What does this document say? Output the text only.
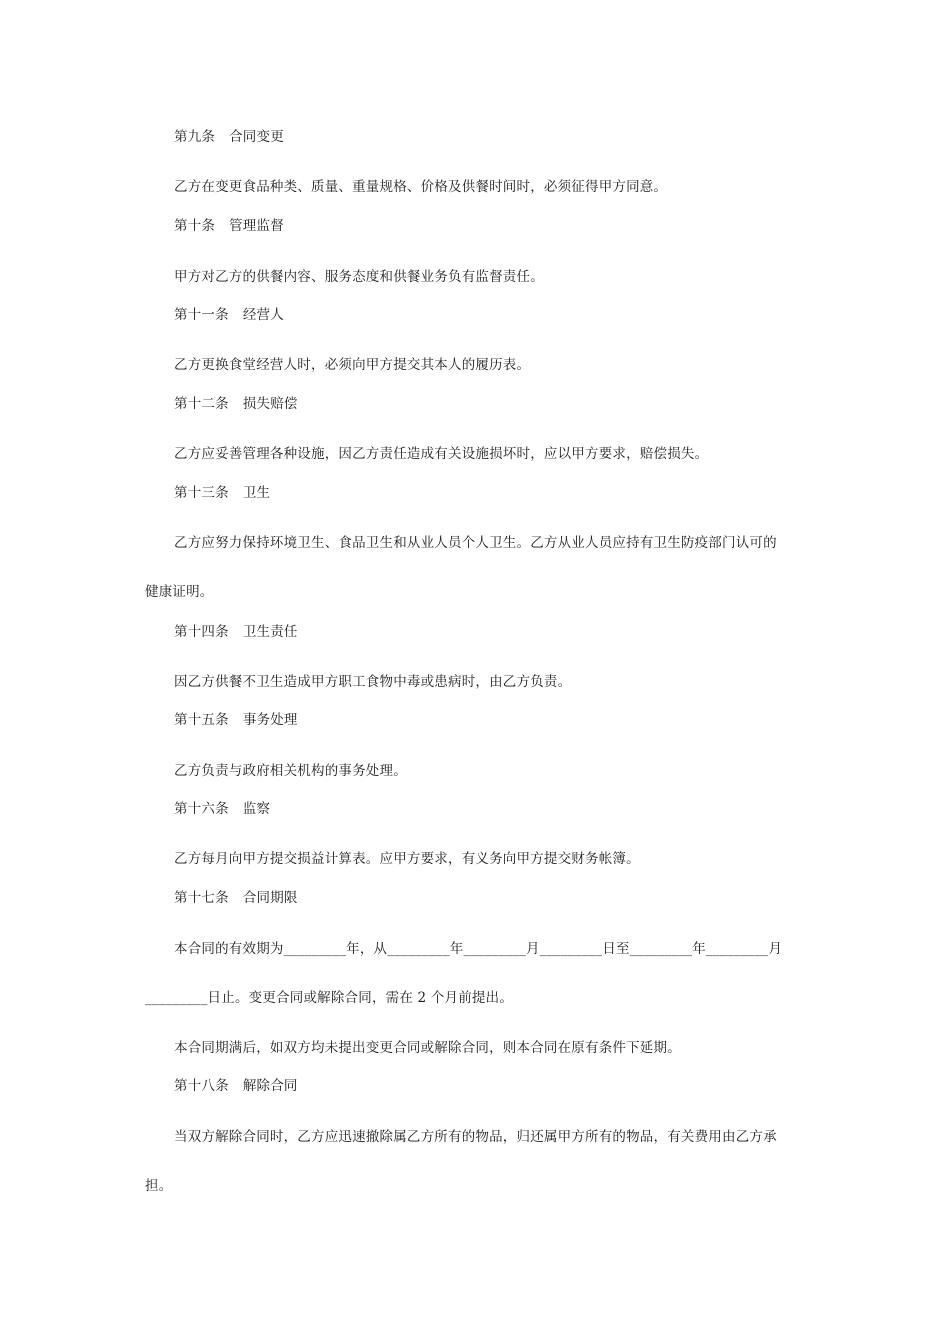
第九条 合同变更
乙方在变更食品种类、质量、重量规格、价格及供餐时间时，必须征得甲方同意。
第十条 管理监督
甲方对乙方的供餐内容、服务态度和供餐业务负有监督责任。
第十一条 经营人
乙方更换食堂经营人时，必须向甲方提交其本人的履历表。
第十二条 损失赔偿
乙方应妥善管理各种设施，因乙方责任造成有关设施损坏时，应以甲方要求，赔偿损失。
第十三条 卫生
乙方应努力保持环境卫生、食品卫生和从业人员个人卫生。乙方从业人员应持有卫生防疫部门认可的
健康证明。
第十四条 卫生责任
因乙方供餐不卫生造成甲方职工食物中毒或患病时，由乙方负责。
第十五条 事务处理
乙方负责与政府相关机构的事务处理。
第十六条 监察
乙方每月向甲方提交损益计算表。应甲方要求，有义务向甲方提交财务帐簿。
第十七条 合同期限
本合同的有效期为_________年，从_________年_________月_________日至_________年_________月
_________日止。变更合同或解除合同，需在 2 个月前提出。
本合同期满后，如双方均未提出变更合同或解除合同，则本合同在原有条件下延期。
第十八条 解除合同
当双方解除合同时，乙方应迅速撤除属乙方所有的物品，归还属甲方所有的物品，有关费用由乙方承
担。
